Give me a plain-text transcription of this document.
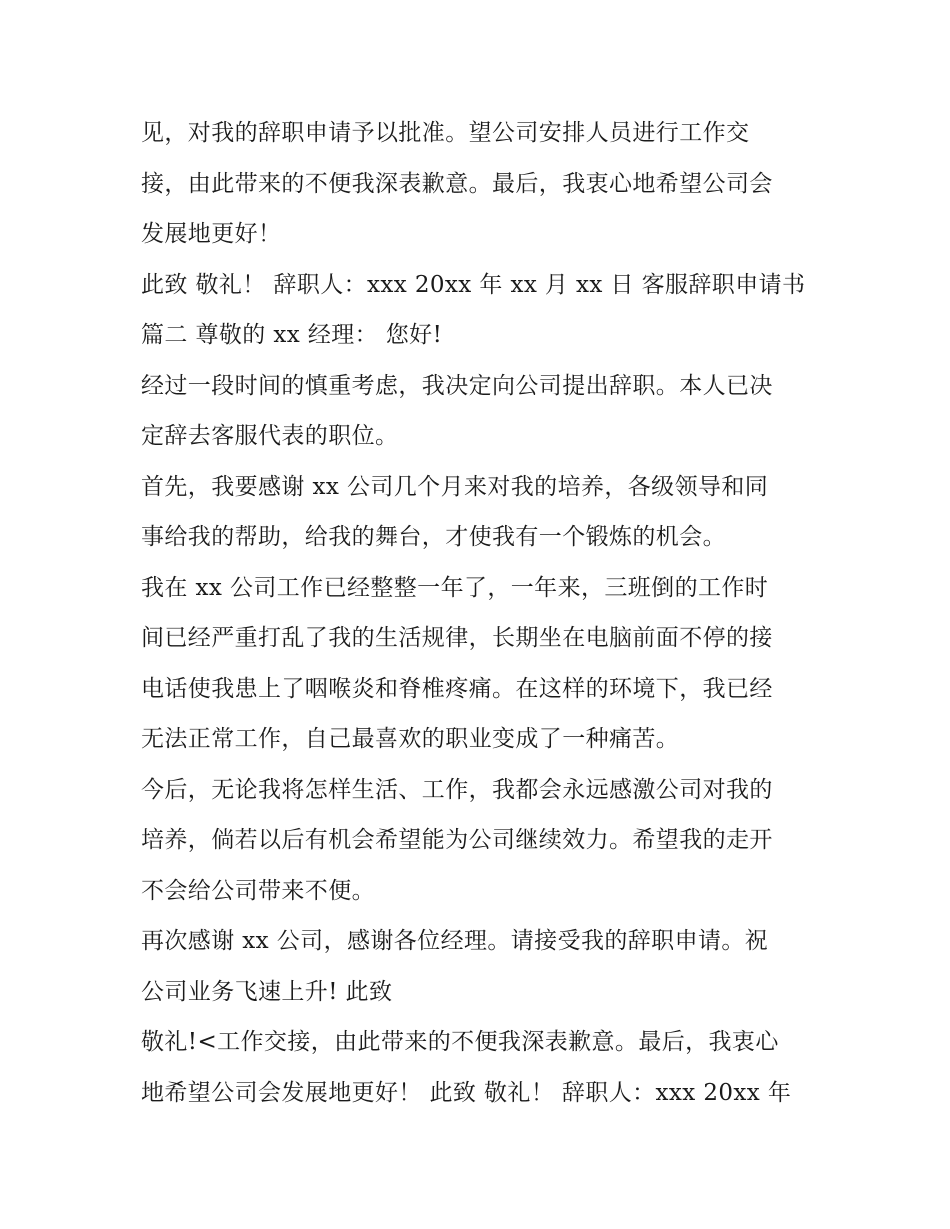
见，对我的辞职申请予以批准。望公司安排人员进行工作交
接，由此带来的不便我深表歉意。最后，我衷心地希望公司会
发展地更好！
此致 敬礼！ 辞职人：xxx 20xx 年 xx 月 xx 日 客服辞职申请书
篇二 尊敬的 xx 经理： 您好!
经过一段时间的慎重考虑，我决定向公司提出辞职。本人已决
定辞去客服代表的职位。
首先，我要感谢 xx 公司几个月来对我的培养，各级领导和同
事给我的帮助，给我的舞台，才使我有一个锻炼的机会。
我在 xx 公司工作已经整整一年了，一年来，三班倒的工作时
间已经严重打乱了我的生活规律，长期坐在电脑前面不停的接
电话使我患上了咽喉炎和脊椎疼痛。在这样的环境下，我已经
无法正常工作，自己最喜欢的职业变成了一种痛苦。
今后，无论我将怎样生活、工作，我都会永远感激公司对我的
培养，倘若以后有机会希望能为公司继续效力。希望我的走开
不会给公司带来不便。
再次感谢 xx 公司，感谢各位经理。请接受我的辞职申请。祝
公司业务飞速上升! 此致
敬礼!<工作交接，由此带来的不便我深表歉意。最后，我衷心
地希望公司会发展地更好！ 此致 敬礼！ 辞职人：xxx 20xx 年
